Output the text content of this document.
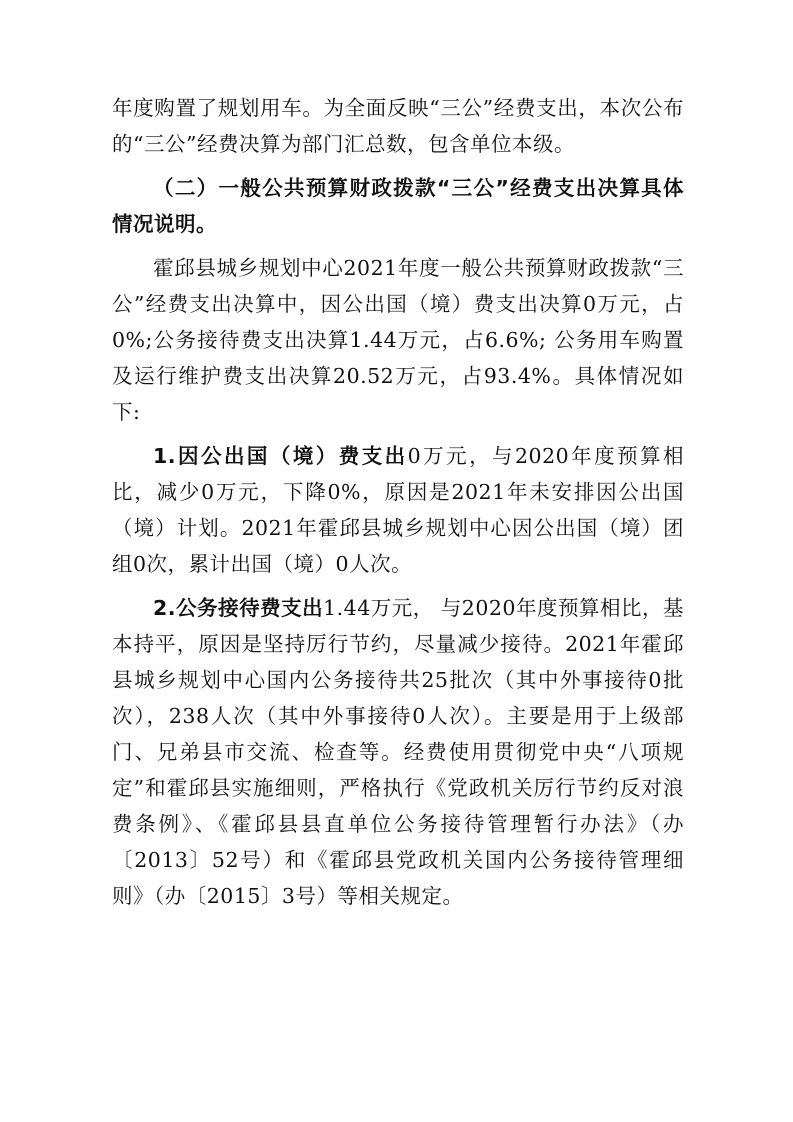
年度购置了规划用车。为全面反映“三公”经费支出，本次公布的“三公”经费决算为部门汇总数，包含单位本级。

（二）一般公共预算财政拨款“三公”经费支出决算具体情况说明。

霍邱县城乡规划中心2021年度一般公共预算财政拨款“三公”经费支出决算中，因公出国（境）费支出决算0万元，占0%;公务接待费支出决算1.44万元，占6.6%; 公务用车购置及运行维护费支出决算20.52万元，占93.4%。具体情况如下:

1.因公出国（境）费支出0万元，与2020年度预算相比，减少0万元，下降0%，原因是2021年未安排因公出国（境）计划。2021年霍邱县城乡规划中心因公出国（境）团组0次，累计出国（境）0人次。

2.公务接待费支出1.44万元， 与2020年度预算相比，基本持平，原因是坚持厉行节约，尽量减少接待。2021年霍邱县城乡规划中心国内公务接待共25批次（其中外事接待0批次），238人次（其中外事接待0人次）。主要是用于上级部门、兄弟县市交流、检查等。经费使用贯彻党中央“八项规定”和霍邱县实施细则，严格执行《党政机关厉行节约反对浪费条例》、《霍邱县县直单位公务接待管理暂行办法》（办〔2013〕52号）和《霍邱县党政机关国内公务接待管理细则》（办〔2015〕3号）等相关规定。
